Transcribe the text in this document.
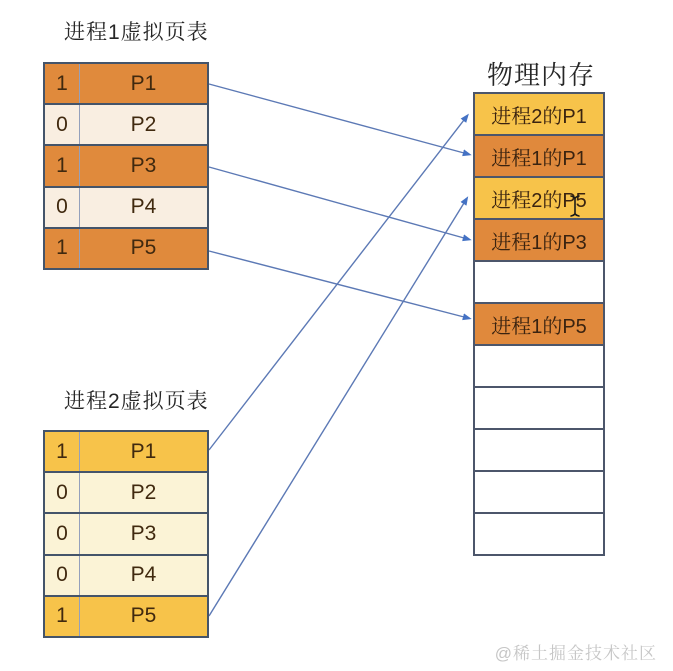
进程1虚拟页表
1	P1
0	P2
1	P3
0	P4
1	P5
进程2虚拟页表
1	P1
0	P2
0	P3
0	P4
1	P5
物理内存
进程2的P1
进程1的P1
进程2的P5
进程1的P3
进程1的P5
@稀土掘金技术社区
